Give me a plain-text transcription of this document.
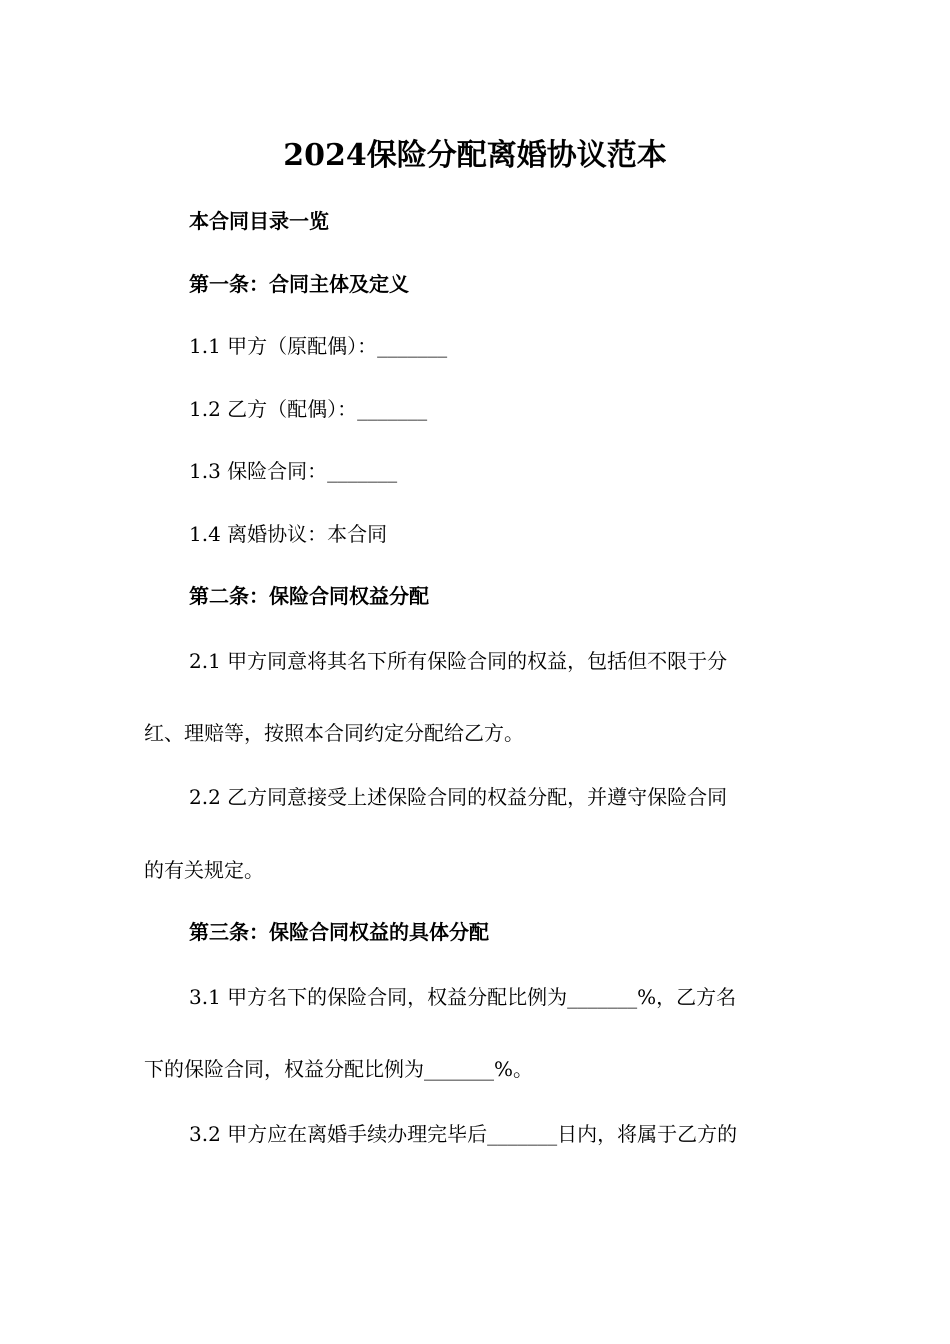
2024保险分配离婚协议范本
本合同目录一览
第一条：合同主体及定义
1.1 甲方（原配偶）：_______
1.2 乙方（配偶）：_______
1.3 保险合同：_______
1.4 离婚协议：本合同
第二条：保险合同权益分配
2.1 甲方同意将其名下所有保险合同的权益，包括但不限于分
红、理赔等，按照本合同约定分配给乙方。
2.2 乙方同意接受上述保险合同的权益分配，并遵守保险合同
的有关规定。
第三条：保险合同权益的具体分配
3.1 甲方名下的保险合同，权益分配比例为_______%，乙方名
下的保险合同，权益分配比例为_______%。
3.2 甲方应在离婚手续办理完毕后_______日内，将属于乙方的
